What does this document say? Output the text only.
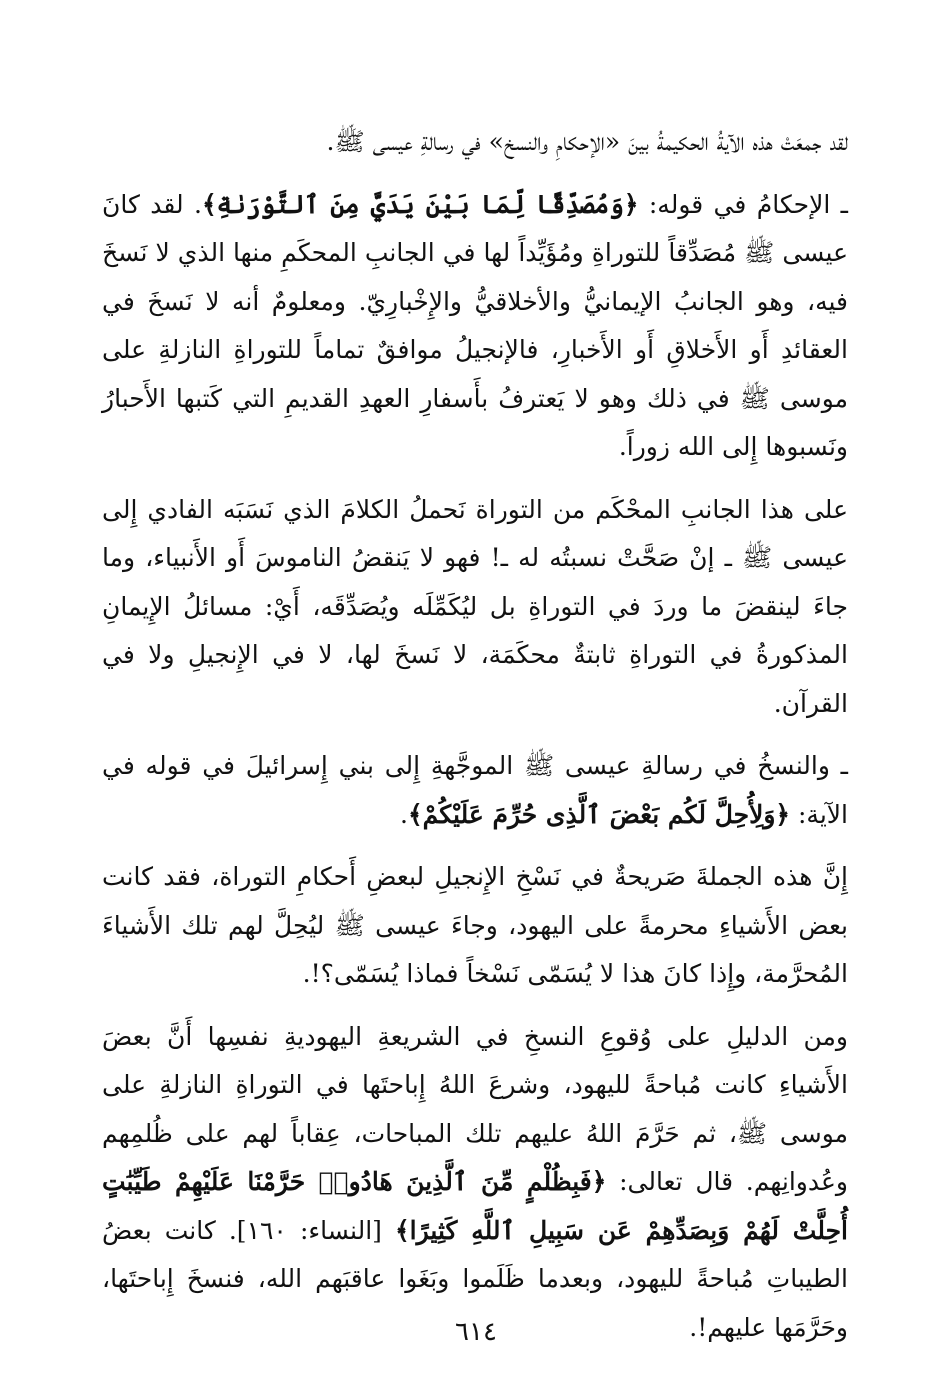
لقد جمعَتْ هذه الآيةُ الحكيمةُ بينَ «الإحكامِ والنسخ» في رسالةِ عيسى ﷺ.

ـ الإحكامُ في قوله: ﴿وَمُصَدِّقًا لِّمَا بَيْنَ يَدَيَّ مِنَ ٱلتَّوْرَىٰةِ﴾. لقد كانَ عيسى ﷺ مُصَدِّقاً للتوراةِ ومُؤَيِّداً لها في الجانبِ المحكَمِ منها الذي لا نَسخَ فيه، وهو الجانبُ الإيمانيُّ والأخلاقيُّ والإِخْبارِيّ. ومعلومٌ أنه لا نَسخَ في العقائدِ أَو الأَخلاقِ أَو الأَخبارِ، فالإنجيلُ موافقٌ تماماً للتوراةِ النازلةِ على موسى ﷺ في ذلك وهو لا يَعترفُ بأَسفارِ العهدِ القديمِ التي كَتبها الأَحبارُ ونَسبوها إِلى الله زوراً.

على هذا الجانبِ المحْكَم من التوراة نَحملُ الكلامَ الذي نَسَبَه الفادي إِلى عيسى ﷺ ـ إنْ صَحَّتْ نسبتُه له ـ! فهو لا يَنقضُ الناموسَ أَو الأَنبياء، وما جاءَ لينقضَ ما وردَ في التوراةِ بل ليُكَمِّلَه ويُصَدِّقَه، أَيْ: مسائلُ الإِيمانِ المذكورةُ في التوراةِ ثابتةٌ محكَمَة، لا نَسخَ لها، لا في الإِنجيلِ ولا في القرآن.

ـ والنسخُ في رسالةِ عيسى ﷺ الموجَّهةِ إِلى بني إِسرائيلَ في قوله في الآية: ﴿وَلِأُحِلَّ لَكُم بَعْضَ ٱلَّذِى حُرِّمَ عَلَيْكُمْ﴾.

إِنَّ هذه الجملةَ صَريحةٌ في نَسْخِ الإِنجيلِ لبعضِ أَحكامِ التوراة، فقد كانت بعض الأَشياءِ محرمةً على اليهود، وجاءَ عيسى ﷺ ليُحِلَّ لهم تلك الأَشياءَ المُحرَّمة، وإِذا كانَ هذا لا يُسَمّى نَسْخاً فماذا يُسَمّى؟!.

ومن الدليلِ على وُقوعِ النسخِ في الشريعةِ اليهوديةِ نفسِها أَنَّ بعضَ الأَشياءِ كانت مُباحةً لليهود، وشرعَ اللهُ إِباحتَها في التوراةِ النازلةِ على موسى ﷺ، ثم حَرَّمَ اللهُ عليهم تلك المباحات، عِقاباً لهم على ظُلمِهم وعُدوانِهم. قال تعالى: ﴿فَبِظُلْمٍ مِّنَ ٱلَّذِينَ هَادُوا۟ حَرَّمْنَا عَلَيْهِمْ طَيِّبَٰتٍ أُحِلَّتْ لَهُمْ وَبِصَدِّهِمْ عَن سَبِيلِ ٱللَّهِ كَثِيرًا﴾ [النساء: ١٦٠]. كانت بعضُ الطيباتِ مُباحةً لليهود، وبعدما ظَلَموا وبَغَوا عاقبَهم الله، فنسخَ إِباحتَها، وحَرَّمَها عليهم!.

٦١٤
